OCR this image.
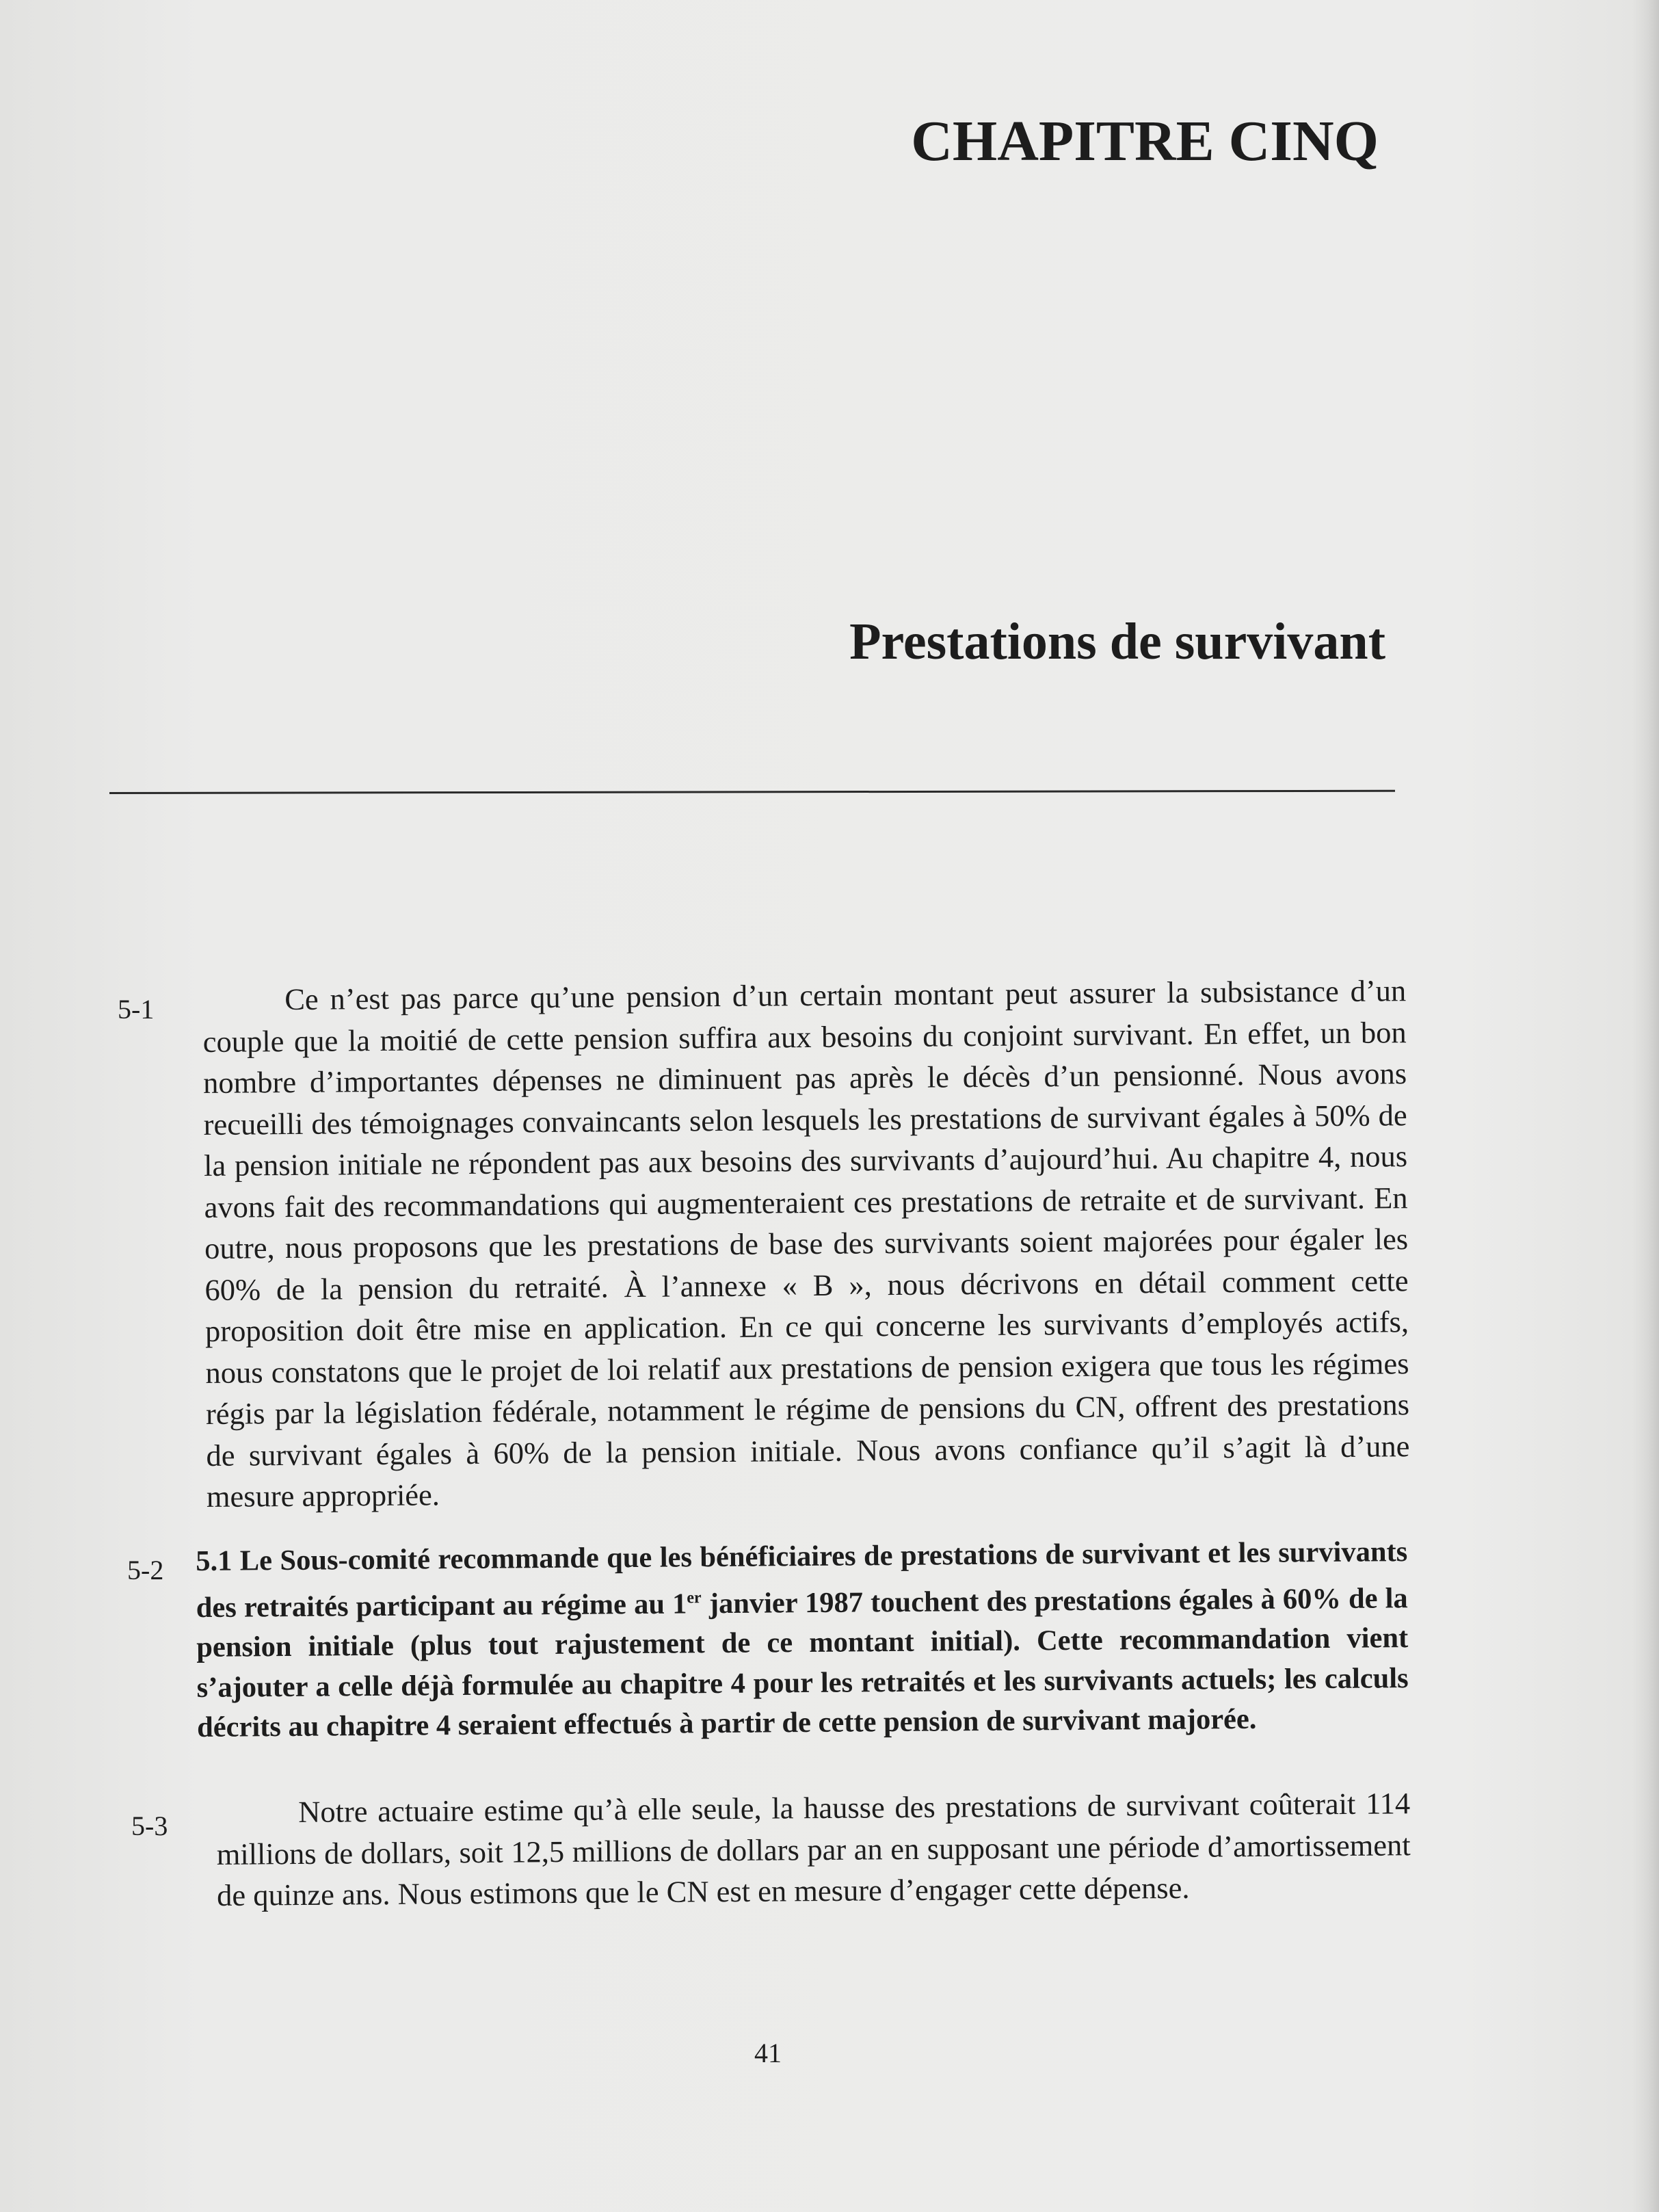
CHAPITRE CINQ
Prestations de survivant

5-1	Ce n’est pas parce qu’une pension d’un certain montant peut assurer la subsistance d’un couple que la moitié de cette pension suffira aux besoins du conjoint survivant. En effet, un bon nombre d’importantes dépenses ne diminuent pas après le décès d’un pensionné. Nous avons recueilli des témoignages convaincants selon lesquels les prestations de survivant égales à 50% de la pension initiale ne répondent pas aux besoins des survivants d’aujourd’hui. Au chapitre 4, nous avons fait des recommandations qui augmenteraient ces prestations de retraite et de survivant. En outre, nous proposons que les prestations de base des survivants soient majorées pour égaler les 60% de la pension du retraité. À l’annexe « B », nous décrivons en détail comment cette proposition doit être mise en application. En ce qui concerne les survivants d’employés actifs, nous constatons que le projet de loi relatif aux prestations de pension exigera que tous les régimes régis par la législation fédérale, notamment le régime de pensions du CN, offrent des prestations de survivant égales à 60% de la pension initiale. Nous avons confiance qu’il s’agit là d’une mesure appropriée.

5-2 5.1 Le Sous-comité recommande que les bénéficiaires de prestations de survivant et les survivants des retraités participant au régime au 1er janvier 1987 touchent des prestations égales à 60% de la pension initiale (plus tout rajustement de ce montant initial). Cette recommandation vient s’ajouter a celle déjà formulée au chapitre 4 pour les retraités et les survivants actuels; les calculs décrits au chapitre 4 seraient effectués à partir de cette pension de survivant majorée.

5-3	Notre actuaire estime qu’à elle seule, la hausse des prestations de survivant coûterait 114 millions de dollars, soit 12,5 millions de dollars par an en supposant une période d’amortissement de quinze ans. Nous estimons que le CN est en mesure d’engager cette dépense.

41
